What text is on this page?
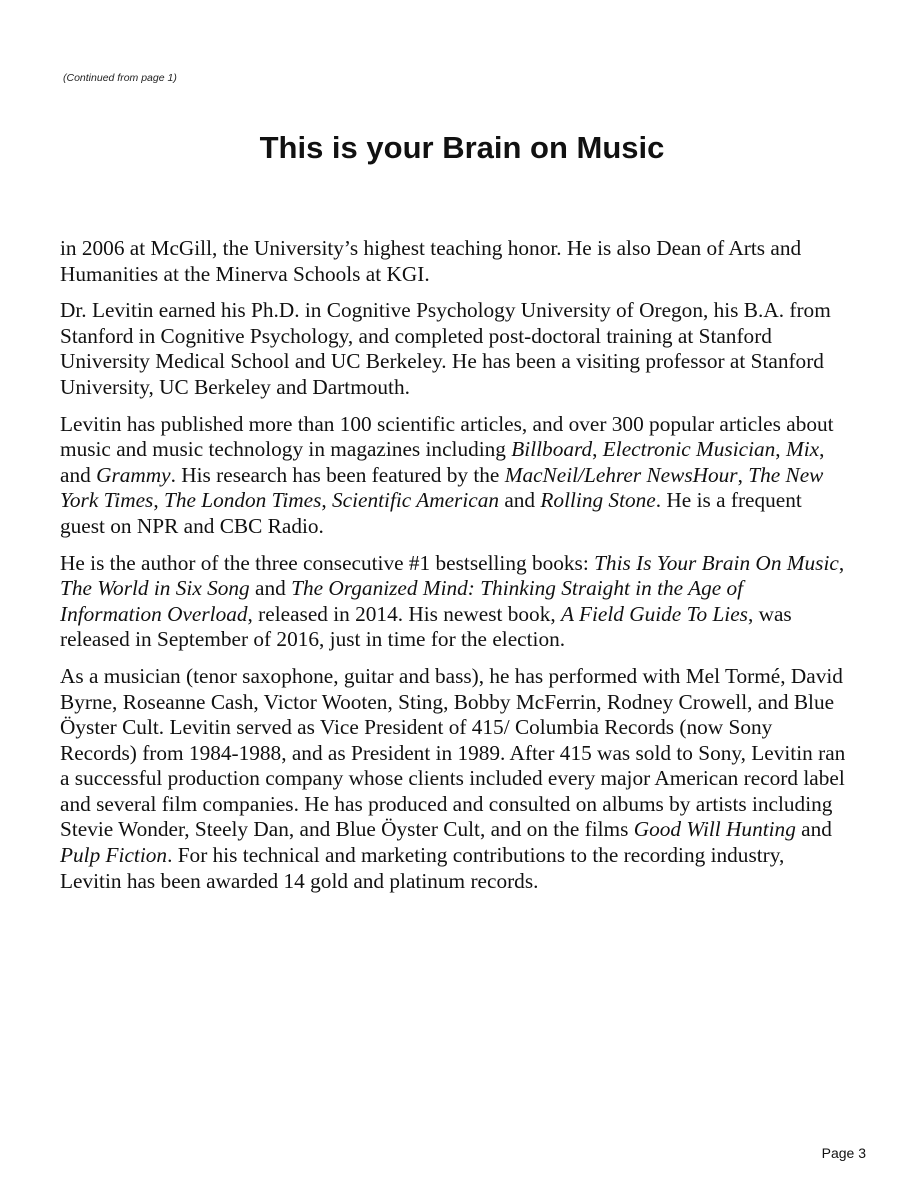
(Continued from page 1)

This is your Brain on Music

in 2006 at McGill, the University’s highest teaching honor. He is also Dean of Arts and Humanities at the Minerva Schools at KGI.

Dr. Levitin earned his Ph.D. in Cognitive Psychology University of Oregon, his B.A. from Stanford in Cognitive Psychology, and completed post-doctoral training at Stanford University Medical School and UC Berkeley. He has been a visiting professor at Stanford University, UC Berkeley and Dartmouth.

Levitin has published more than 100 scientific articles, and over 300 popular articles about music and music technology in magazines including Billboard, Electronic Musician, Mix, and Grammy. His research has been featured by the MacNeil/Lehrer NewsHour, The New York Times, The London Times, Scientific American and Rolling Stone. He is a frequent guest on NPR and CBC Radio.

He is the author of the three consecutive #1 bestselling books: This Is Your Brain On Music, The World in Six Song and The Organized Mind: Thinking Straight in the Age of Information Overload, released in 2014. His newest book, A Field Guide To Lies, was released in September of 2016, just in time for the election.

As a musician (tenor saxophone, guitar and bass), he has performed with Mel Tormé, David Byrne, Roseanne Cash, Victor Wooten, Sting, Bobby McFerrin, Rodney Crowell, and Blue Öyster Cult. Levitin served as Vice President of 415/ Columbia Records (now Sony Records) from 1984-1988, and as President in 1989. After 415 was sold to Sony, Levitin ran a successful production company whose clients included every major American record label and several film companies. He has produced and consulted on albums by artists including Stevie Wonder, Steely Dan, and Blue Öyster Cult, and on the films Good Will Hunting and Pulp Fiction. For his technical and marketing contributions to the recording industry, Levitin has been awarded 14 gold and platinum records.

Page 3
